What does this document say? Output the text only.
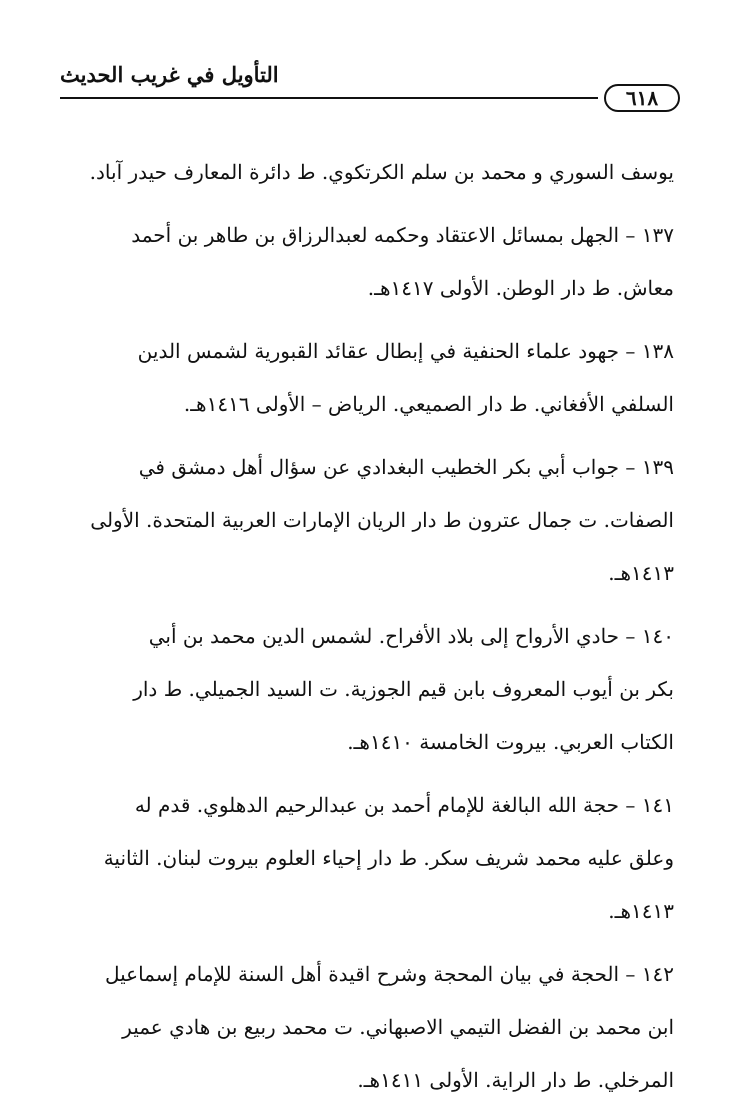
التأويل في غريب الحديث
٦١٨
يوسف السوري و محمد بن سلم الكرتكوي. ط دائرة المعارف حيدر آباد.
١٣٧ – الجهل بمسائل الاعتقاد وحكمه لعبدالرزاق بن طاهر بن أحمد
معاش. ط دار الوطن. الأولى ١٤١٧هـ.
١٣٨ – جهود علماء الحنفية في إبطال عقائد القبورية لشمس الدين
السلفي الأفغاني. ط دار الصميعي. الرياض – الأولى ١٤١٦هـ.
١٣٩ – جواب أبي بكر الخطيب البغدادي عن سؤال أهل دمشق في
الصفات. ت جمال عترون ط دار الريان الإمارات العربية المتحدة. الأولى
١٤١٣هـ.
١٤٠ – حادي الأرواح إلى بلاد الأفراح. لشمس الدين محمد بن أبي
بكر بن أيوب المعروف بابن قيم الجوزية. ت السيد الجميلي. ط دار
الكتاب العربي. بيروت الخامسة ١٤١٠هـ.
١٤١ – حجة الله البالغة للإمام أحمد بن عبدالرحيم الدهلوي. قدم له
وعلق عليه محمد شريف سكر. ط دار إحياء العلوم بيروت لبنان. الثانية
١٤١٣هـ.
١٤٢ – الحجة في بيان المحجة وشرح اقيدة أهل السنة للإمام إسماعيل
ابن محمد بن الفضل التيمي الاصبهاني. ت محمد ربيع بن هادي عمير
المرخلي. ط دار الراية. الأولى ١٤١١هـ.
